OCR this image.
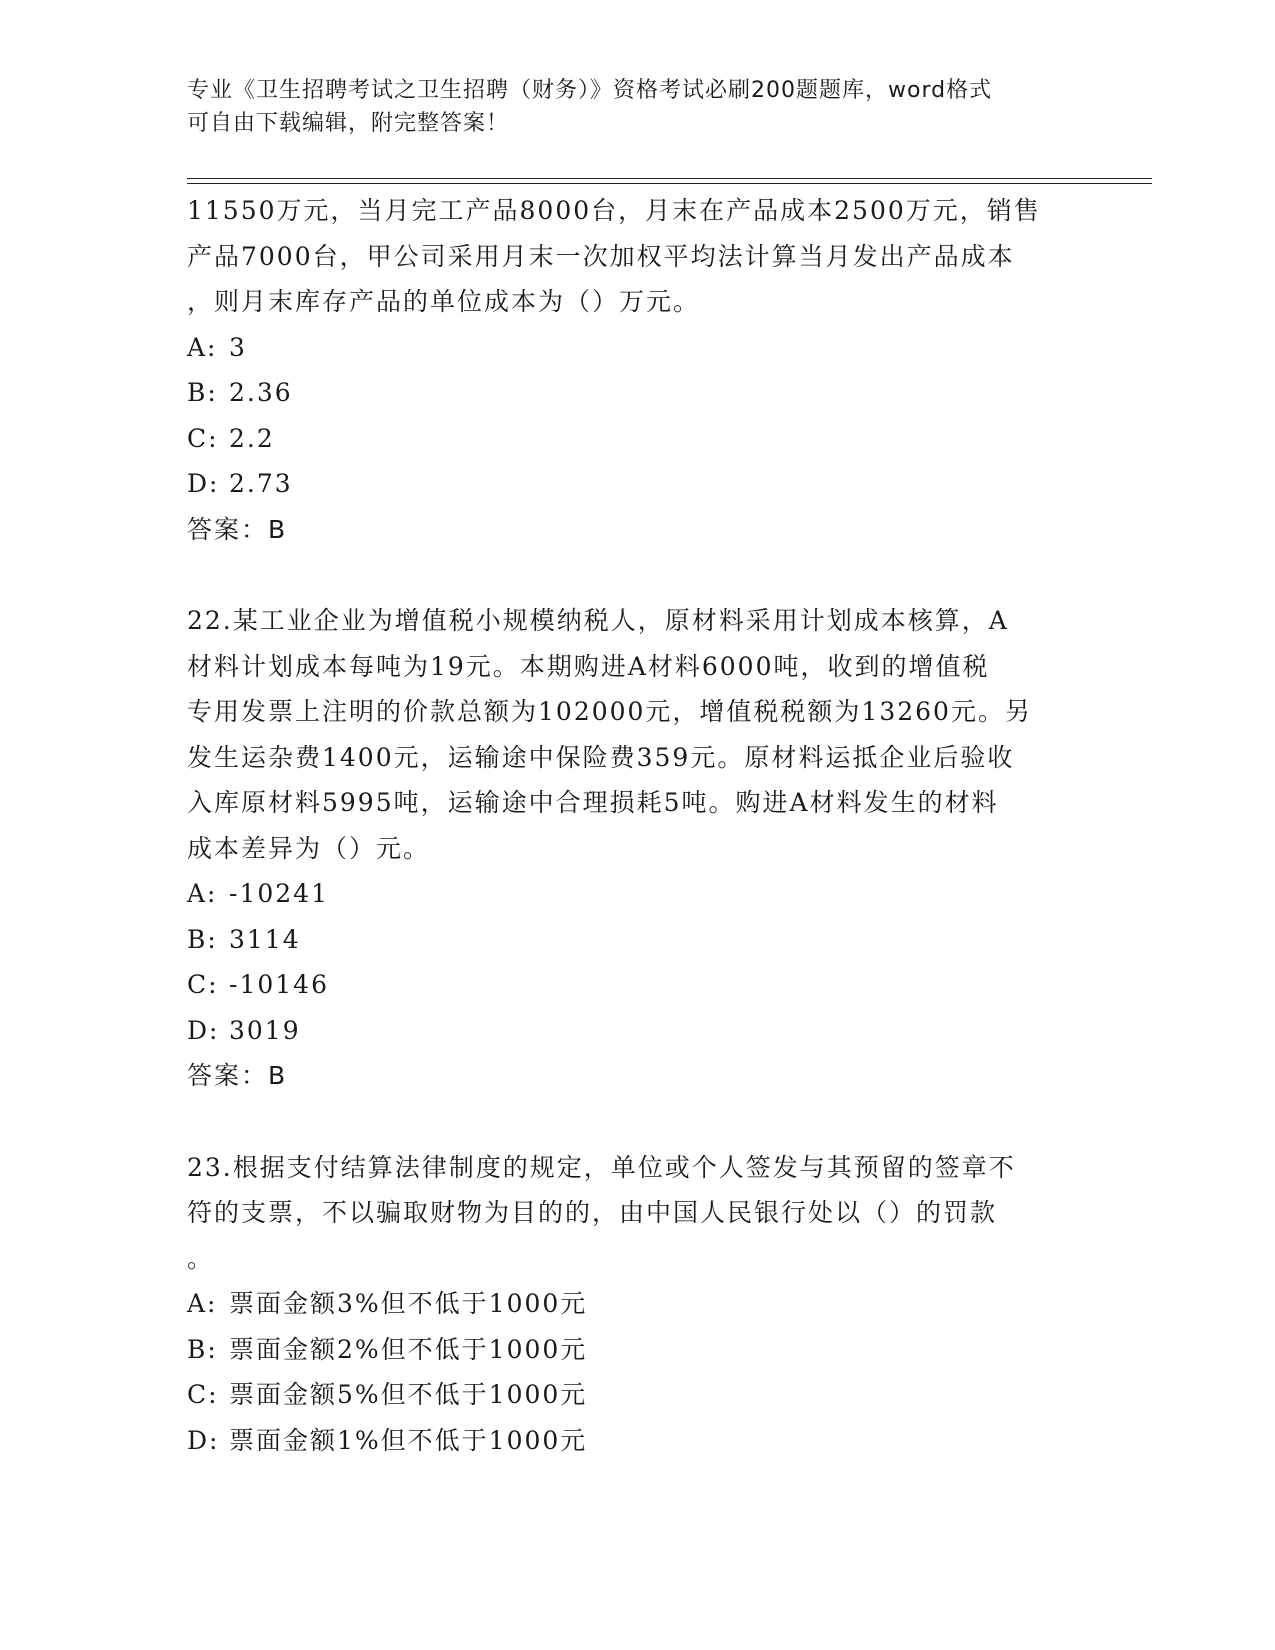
专业《卫生招聘考试之卫生招聘（财务）》资格考试必刷200题题库，word格式
可自由下载编辑，附完整答案！

11550万元，当月完工产品8000台，月末在产品成本2500万元，销售

产品7000台，甲公司采用月末一次加权平均法计算当月发出产品成本

，则月末库存产品的单位成本为（）万元。

A: 3
B: 2.36
C: 2.2
D: 2.73

答案：B

22.某工业企业为增值税小规模纳税人，原材料采用计划成本核算，A

材料计划成本每吨为19元。本期购进A材料6000吨，收到的增值税

专用发票上注明的价款总额为102000元，增值税税额为13260元。另

发生运杂费1400元，运输途中保险费359元。原材料运抵企业后验收

入库原材料5995吨，运输途中合理损耗5吨。购进A材料发生的材料

成本差异为（）元。

A: -10241
B: 3114
C: -10146
D: 3019

答案：B

23.根据支付结算法律制度的规定，单位或个人签发与其预留的签章不

符的支票，不以骗取财物为目的的，由中国人民银行处以（）的罚款

。

A: 票面金额3%但不低于1000元
B: 票面金额2%但不低于1000元
C: 票面金额5%但不低于1000元
D: 票面金额1%但不低于1000元
